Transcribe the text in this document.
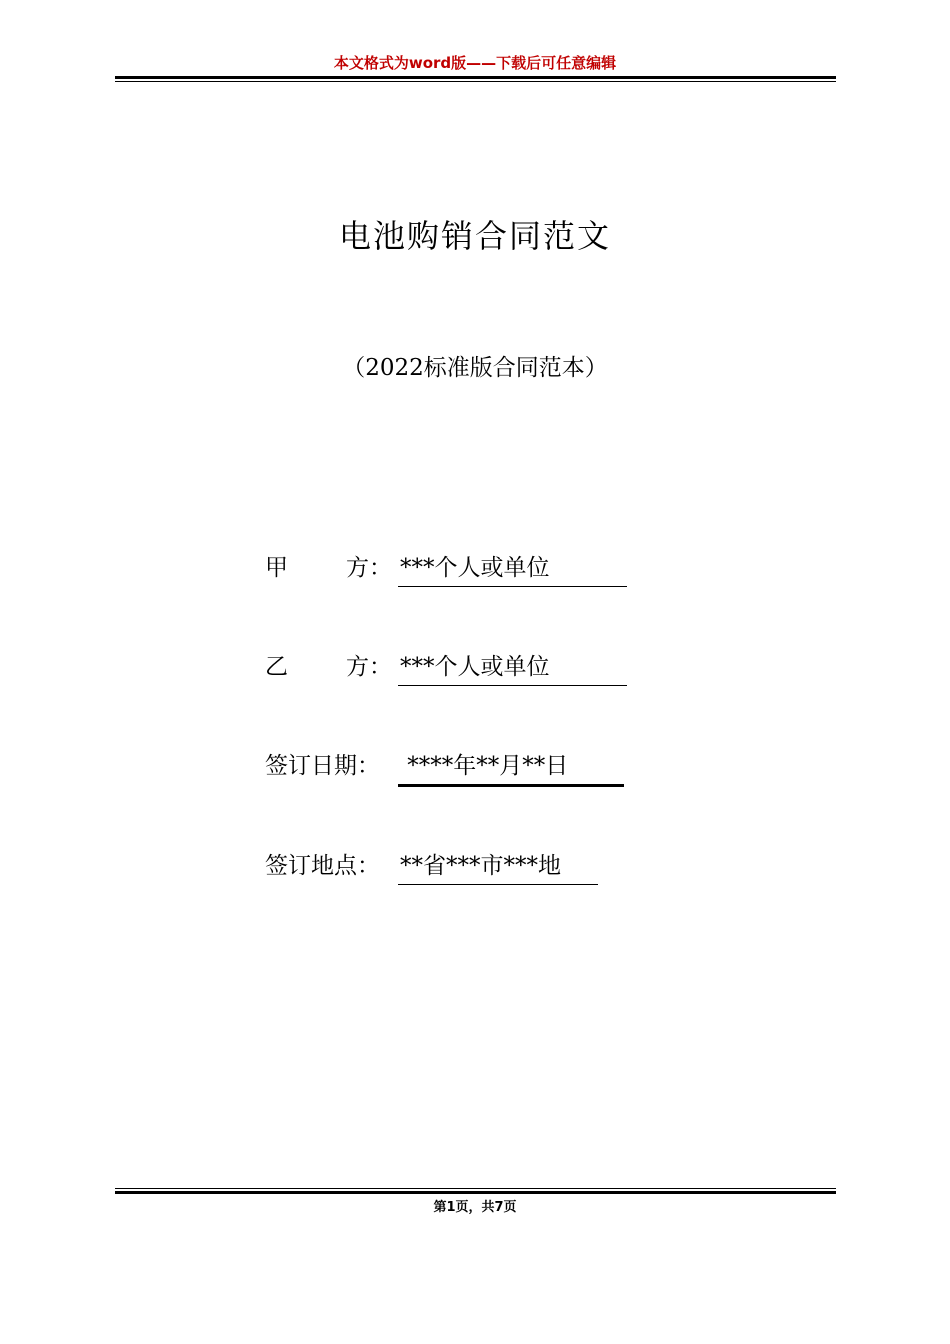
本文格式为word版——下载后可任意编辑
电池购销合同范文
（2022标准版合同范本）
甲	方： ***个人或单位
乙	方： ***个人或单位
签订日期： ****年**月**日
签订地点： **省***市***地
第1页，共7页
